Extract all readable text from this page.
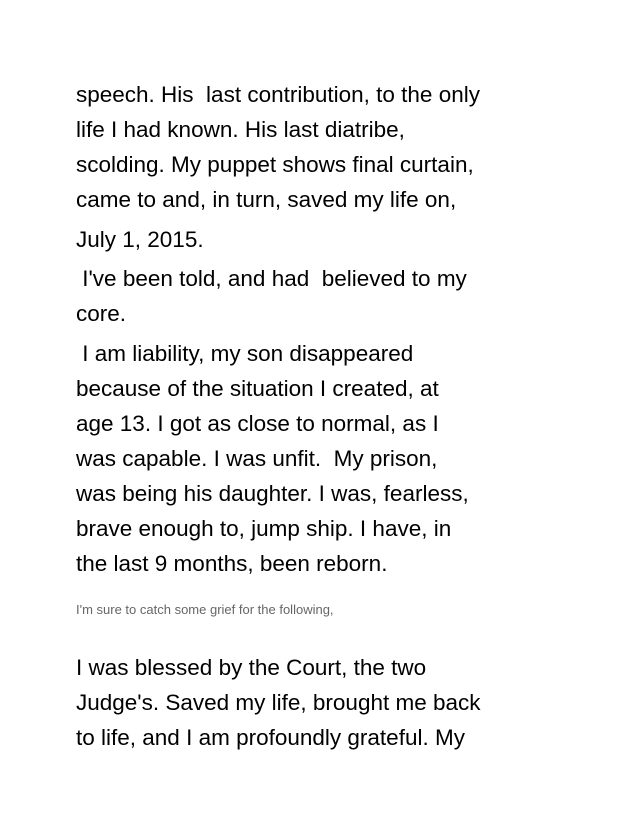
speech. His  last contribution, to the only

life I had known. His last diatribe,

scolding. My puppet shows final curtain,

came to and, in turn, saved my life on,

July 1, 2015.

I've been told, and had  believed to my

core.

I am liability, my son disappeared

because of the situation I created, at

age 13. I got as close to normal, as I

was capable. I was unfit.  My prison,

was being his daughter. I was, fearless,

brave enough to, jump ship. I have, in

the last 9 months, been reborn.

I'm sure to catch some grief for the following,

I was blessed by the Court, the two

Judge's. Saved my life, brought me back

to life, and I am profoundly grateful. My
